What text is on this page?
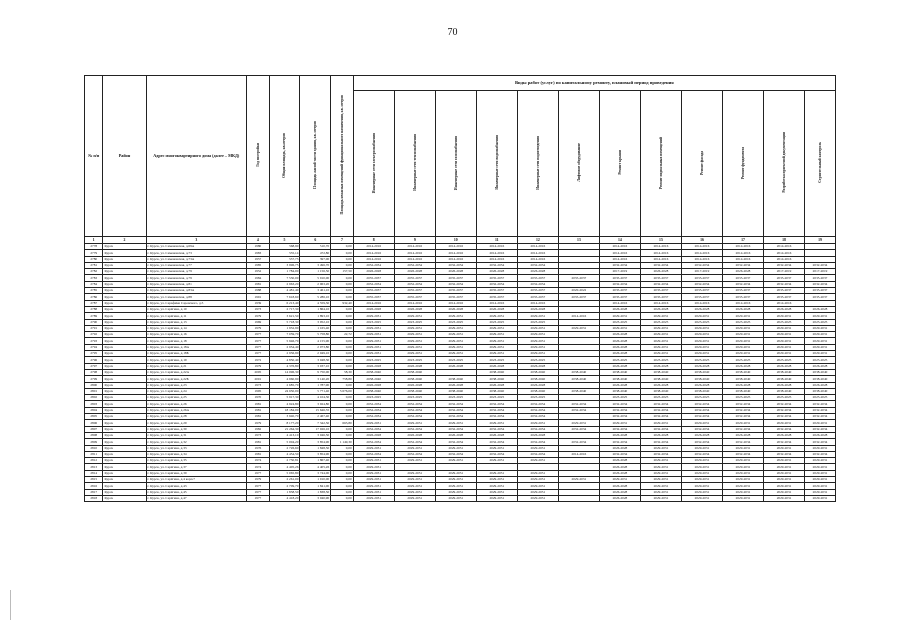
70
№ п/п	Район	Адрес многоквартирного дома (далее – МКД)	Год постройки	Общая площадь, кв.метров	Площадь жилой части здания, кв. метров	Площадь нежилых помещений функционального назначения, кв. метров	Виды работ (услуг) по капитальному ремонту, плановый период проведения											
							Инженерные сети электроснабжения	Инженерные сети теплоснабжения	Инженерные сети газоснабжения	Инженерные сети водоснабжения	Инженерные сети водоотведения	Лифтовое оборудование	Ремонт крыши	Ремонт подвальных помещений	Ремонт фасада	Ремонт фундамента	Разработка проектной документации	Строительный контроль
1	2	3	4	5	6	7	8	9	10	11	12	13	14	15	16	17	18	19
2778	Курск	г. Курск, ул. Семеновская, д.69А	1980	568,90	510,70	0,00	2014-2016	2014-2016	2014-2016	2014-2016	2014-2016		2014-2016	2014-2016	2014-2016	2014-2016	2014-2016	
2779	Курск	г. Курск, ул. Семеновская, д.73	1983	535,14	472,80	0,00	2014-2016	2014-2016	2014-2016	2014-2016	2014-2016		2014-2016	2014-2016	2014-2016	2014-2016	2014-2016	
2780	Курск	г. Курск, ул. Семеновская, д.73А	1957	537,73	397,00	0,00	2014-2016	2014-2016	2014-2016	2014-2016	2014-2016		2014-2016	2014-2016	2014-2016	2014-2016	2014-2016	
2781	Курск	г. Курск, ул. Семеновская, д.77	1985	3 996,75	3 496,70	0,00	2032-2034	2032-2034	2032-2034	2032-2034	2032-2034		2032-2034	2032-2034	2032-2034	2032-2034	2032-2034	2032-2034
2782	Курск	г. Курск, ул. Семеновская, д.79	1952	1 784,00	1 156,50	157,50	2026-2028	2026-2028	2026-2028	2026-2028	2026-2028		2017-2019	2026-2028	2017-2019	2026-2028	2017-2019	2017-2019
2783	Курск	г. Курск, ул. Семеновская, д.79	1984	7 530,00	5 910,00	0,00	2035-2037	2035-2037	2035-2037	2035-2037	2035-2037	2035-2037	2035-2037	2035-2037	2035-2037	2035-2037	2035-2037	2035-2037
2784	Курск	г. Курск, ул. Семеновская, д.81	1981	2 963,20	2 963,20	0,00	2032-2034	2032-2034	2032-2034	2032-2034	2032-2034		2032-2034	2032-2034	2032-2034	2032-2034	2032-2034	2032-2034
2785	Курск	г. Курск, ул. Семеновская, д.83А	1988	4 481,40	3 461,10	0,00	2035-2037	2035-2037	2035-2037	2035-2037	2035-2037	2020-2022	2035-2037	2035-2037	2035-2037	2035-2037	2035-2037	2035-2037
2786	Курск	г. Курск, ул. Семеновская, д.88	1991	7 618,60	5 286,10	0,00	2035-2037	2035-2037	2035-2037	2035-2037	2035-2037	2035-2037	2035-2037	2035-2037	2035-2037	2035-2037	2035-2037	2035-2037
2787	Курск	г. Курск, ул. Серафима Саровского, д.5	1939	6 213,40	4 559,30	932,40	2014-2016	2014-2016	2014-2016	2014-2016	2014-2016		2014-2016	2014-2016	2014-2016	2014-2016	2014-2016	
2788	Курск	г. Курск, ул. Серёгина, д.10	1973	2 717,30	1 864,10	0,00	2026-2028	2026-2028	2026-2028	2026-2028	2026-2028		2026-2028	2026-2028	2026-2028	2026-2028	2026-2028	2026-2028
2789	Курск	г. Курск, ул. Серёгина, д.11	1979	3 621,50	1 893,10	0,00	2029-2031	2029-2031	2029-2031	2029-2031	2029-2031	2014-2016	2029-2031	2029-2031	2029-2031	2029-2031	2029-2031	2029-2031
2790	Курск	г. Курск, ул. Серёгина, д.13	1969	5 718,30	3 952,10	0,00	2023-2025	2023-2025	2023-2025	2023-2025	2023-2025		2023-2025	2023-2025	2023-2025	2023-2025	2023-2025	2023-2025
2791	Курск	г. Курск, ул. Серёгина, д.14	1979	1 932,90	1 165,40	0,00	2029-2031	2029-2031	2029-2031	2029-2031	2029-2031	2029-2031	2029-2031	2029-2031	2029-2031	2029-2031	2029-2031	2029-2031
2792	Курск	г. Курск, ул. Серёгина, д.16	1977	7 059,70	5 758,80	22,72	2029-2031	2029-2031	2029-2031	2029-2031	2029-2031		2026-2028	2029-2031	2029-2031	2029-2031	2029-2031	2029-2031
2793	Курск	г. Курск, ул. Серёгина, д.18	1977	5 946,70	4 155,90	0,00	2029-2031	2029-2031	2029-2031	2029-2031	2029-2031		2026-2028	2029-2031	2029-2031	2029-2031	2029-2031	2029-2031
2794	Курск	г. Курск, ул. Серёгина, д.18А	1977	2 954,40	2 073,80	0,00	2029-2031	2029-2031	2029-2031	2029-2031	2029-2031		2026-2028	2029-2031	2029-2031	2029-2031	2029-2031	2029-2031
2795	Курск	г. Курск, ул. Серёгина, д.18Б	1977	2 936,90	2 049,10	0,00	2029-2031	2029-2031	2029-2031	2029-2031	2029-2031		2026-2028	2029-2031	2029-2031	2029-2031	2029-2031	2029-2031
2796	Курск	г. Курск, ул. Серёгина, д.19	1972	4 850,40	3 048,30	0,00	2023-2025	2023-2025	2023-2025	2023-2025	2023-2025		2023-2025	2023-2025	2023-2025	2023-2025	2023-2025	2023-2025
2797	Курск	г. Курск, ул. Серёгина, д.21	1979	4 376,80	3 037,10	0,00	2026-2028	2026-2028	2026-2028	2026-2028	2026-2028		2026-2028	2026-2028	2026-2028	2026-2028	2026-2028	2026-2028
2798	Курск	г. Курск, ул. Серёгина, д.22А	2005	14 096,30	9 750,00	58,30	2038-2040	2038-2040		2038-2040	2038-2040	2038-2040	2038-2040	2038-2040	2038-2040	2038-2040	2038-2040	2038-2040
2799	Курск	г. Курск, ул. Серёгина, д.22Б	2001	4 960,90	3 140,20	758,80	2038-2040	2038-2040	2038-2040	2038-2040	2038-2040	2038-2040	2038-2040	2038-2040	2038-2040	2038-2040	2038-2040	2038-2040
2800	Курск	г. Курск, ул. Серёгина, д.23	1973	2 685,70	1 787,90	0,00	2026-2028	2026-2028	2026-2028	2026-2028	2026-2028		2026-2028	2026-2028	2026-2028	2026-2028	2026-2028	2026-2028
2801	Курск	г. Курск, ул. Серёгина, д.24	1995	24 650,00	5 771,40	5 676,00	2038-2040	2038-2040	2038-2040	2038-2040	2038-2040	2038-2040	2038-2040	2038-2040	2038-2040	2038-2040	2038-2040	2038-2040
2802	Курск	г. Курск, ул. Серёгина, д.25	1970	5 917,30	4 104,30	0,00	2023-2025	2023-2025	2023-2025	2023-2025	2023-2025		2023-2025	2023-2025	2023-2025	2023-2025	2023-2025	2023-2025
2803	Курск	г. Курск, ул. Серёгина, д.26	1981	4 924,80	3 924,80	0,00	2032-2034	2032-2034	2032-2034	2032-2034	2032-2034	2032-2034	2032-2034	2032-2034	2032-2034	2032-2034	2032-2034	2032-2034
2804	Курск	г. Курск, ул. Серёгина, д.26А	1981	18 184,00	15 646,35	0,00	2032-2034	2032-2034	2032-2034	2032-2034	2032-2034	2032-2034	2032-2034	2032-2034	2032-2034	2032-2034	2032-2034	2032-2034
2805	Курск	г. Курск, ул. Серёгина, д.28	1981	3 940,70	2 467,40	0,00	2032-2034	2032-2034	2032-2034	2032-2034	2032-2034		2032-2034	2032-2034	2032-2034	2032-2034	2032-2034	2032-2034
2806	Курск	г. Курск, ул. Серёгина, д.29	1979	8 177,20	7 342,50	663,80	2029-2031	2029-2031	2029-2031	2029-2031	2029-2031	2029-2031	2029-2031	2029-2031	2029-2031	2029-2031	2029-2031	2029-2031
2807	Курск	г. Курск, ул. Серёгина, д.30	1982	21 264,30	17 026,10	0,00	2032-2034	2032-2034	2032-2034	2032-2034	2032-2034	2032-2034	2032-2034	2032-2034	2032-2034	2032-2034	2032-2034	2032-2034
2808	Курск	г. Курск, ул. Серёгина, д.31	1973	4 413,10	3 046,50	0,00	2026-2028	2026-2028	2026-2028	2026-2028	2026-2028		2026-2028	2026-2028	2026-2028	2026-2028	2026-2028	2026-2028
2809	Курск	г. Курск, ул. Серёгина, д.32	1981	5 004,20	3 854,90	1 149,30	2032-2034	2032-2034	2032-2034	2032-2034	2032-2034	2032-2034	2032-2034	2032-2034	2032-2034	2032-2034	2032-2034	2032-2034
2810	Курск	г. Курск, ул. Серёгина, д.33	1976	2 726,60	1 848,50	0,00	2029-2031	2029-2031	2029-2031	2029-2031	2029-2031		2026-2028	2029-2031	2029-2031	2029-2031	2029-2031	2029-2031
2811	Курск	г. Курск, ул. Серёгина, д.34	1981	4 454,50	3 854,90	0,00	2032-2034	2032-2034	2032-2034	2032-2034	2032-2034	2014-2016	2032-2034	2032-2034	2032-2034	2032-2034	2032-2034	2032-2034
2812	Курск	г. Курск, ул. Серёгина, д.35	1974	2 730,81	1 867,40	0,00	2029-2031	2029-2031	2029-2031	2029-2031	2029-2031		2026-2028	2029-2031	2029-2031	2029-2031	2029-2031	2029-2031
2813	Курск	г. Курск, ул. Серёгина, д.37	1974	4 405,26	4 405,26	0,00	2029-2031						2026-2028	2029-2031	2029-2031	2029-2031	2029-2031	2029-2031
2814	Курск	г. Курск, ул. Серёгина, д.39	1977	5 065,80	3 744,00	0,00	2029-2031	2029-2031	2029-2031	2029-2031	2029-2031		2026-2028	2029-2031	2029-2031	2029-2031	2029-2031	2029-2031
2815	Курск	г. Курск, ул. Серёгина, д.4 корп.7	1979	2 261,00	1 910,00	0,00	2029-2031	2029-2031	2029-2031	2029-2031	2029-2031	2029-2031	2029-2031	2029-2031	2029-2031	2029-2031	2029-2031	2029-2031
2816	Курск	г. Курск, ул. Серёгина, д.43	1977	2 709,70	1 841,00	0,00	2029-2031	2029-2031	2029-2031	2029-2031	2029-2031		2026-2028	2029-2031	2029-2031	2029-2031	2029-2031	2029-2031
2817	Курск	г. Курск, ул. Серёгина, д.45	1977	1 838,50	1 838,50	0,00	2029-2031	2029-2031	2029-2031	2029-2031	2029-2031		2026-2028	2029-2031	2029-2031	2029-2031	2029-2031	2029-2031
2818	Курск	г. Курск, ул. Серёгина, д.47	1977	4 418,20	3 040,90	0,00	2029-2031	2029-2031	2029-2031	2029-2031	2029-2031		2026-2028	2029-2031	2029-2031	2029-2031	2029-2031	2029-2031
